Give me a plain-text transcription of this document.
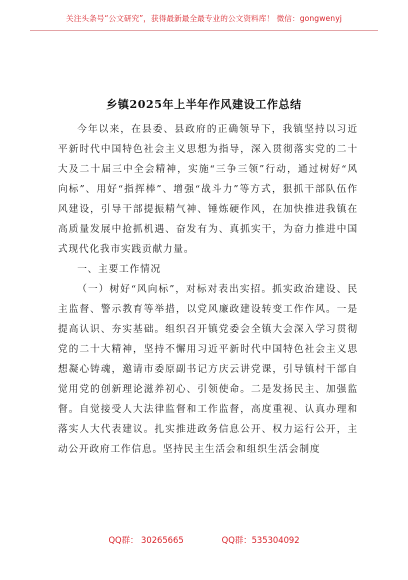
关注头条号“公文研究”，获得最新最全最专业的公文资料库！ 微信：gongwenyj
乡镇2025年上半年作风建设工作总结

今年以来，在县委、县政府的正确领导下，我镇坚持以习近平新时代中国特色社会主义思想为指导，深入贯彻落实党的二十大及二十届三中全会精神，实施“三争三领”行动，通过树好“风向标”、用好“指挥棒”、增强“战斗力”等方式，狠抓干部队伍作风建设，引导干部提振精气神、锤炼硬作风，在加快推进我镇在高质量发展中抢抓机遇、奋发有为、真抓实干，为奋力推进中国式现代化我市实践贡献力量。

一、主要工作情况

（一）树好“风向标”，对标对表出实招。抓实政治建设、民主监督、警示教育等举措，以党风廉政建设转变工作作风。一是提高认识、夯实基础。组织召开镇党委会全镇大会深入学习贯彻党的二十大精神，坚持不懈用习近平新时代中国特色社会主义思想凝心铸魂，邀请市委原副书记方庆云讲党课，引导镇村干部自觉用党的创新理论滋养初心、引领使命。二是发扬民主、加强监督。自觉接受人大法律监督和工作监督，高度重视、认真办理和落实人大代表建议。扎实推进政务信息公开、权力运行公开，主动公开政府工作信息。坚持民主生活会和组织生活会制度

QQ群： 30265665	QQ群：535304092
